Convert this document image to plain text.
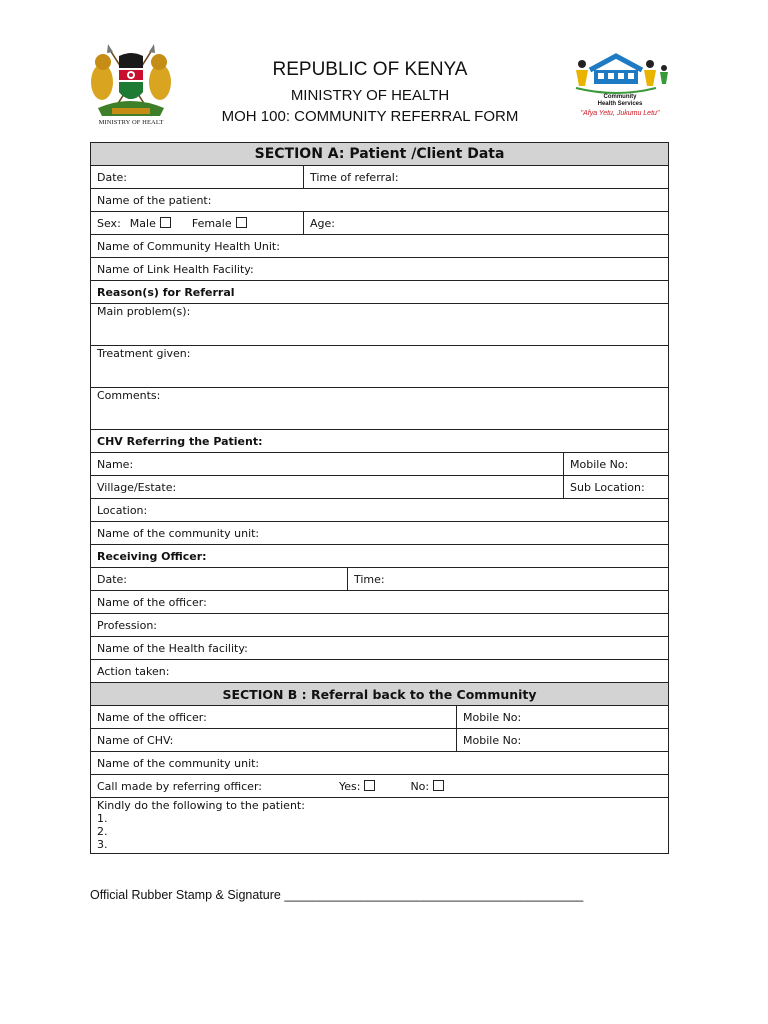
MINISTRY OF HEALT
REPUBLIC OF KENYA
MINISTRY OF HEALTH
MOH 100: COMMUNITY REFERRAL FORM
Community
Health Services
"Afya Yetu, Jukumu Letu"
SECTION A: Patient /Client Data				
Date:	Time of referral:			
Name of the patient:				
Sex: Male Female	Age:			
Name of Community Health Unit:				
Name of Link Health Facility:				
Reason(s) for Referral				
Main problem(s):				
Treatment given:				
Comments:				
CHV Referring the Patient:				
Name:				Mobile No:
Village/Estate:				Sub Location:
Location:				
Name of the community unit:				
Receiving Officer:				
Date:		Time:		
Name of the officer:				
Profession:				
Name of the Health facility:				
Action taken:				
SECTION B : Referral back to the Community				
Name of the officer:			Mobile No:	
Name of CHV:			Mobile No:	
Name of the community unit:				
Call made by referring officer: Yes: No:				

Kindly do the following to the patient:
1.
2.
3.				
Official Rubber Stamp & Signature ___________________________________________
